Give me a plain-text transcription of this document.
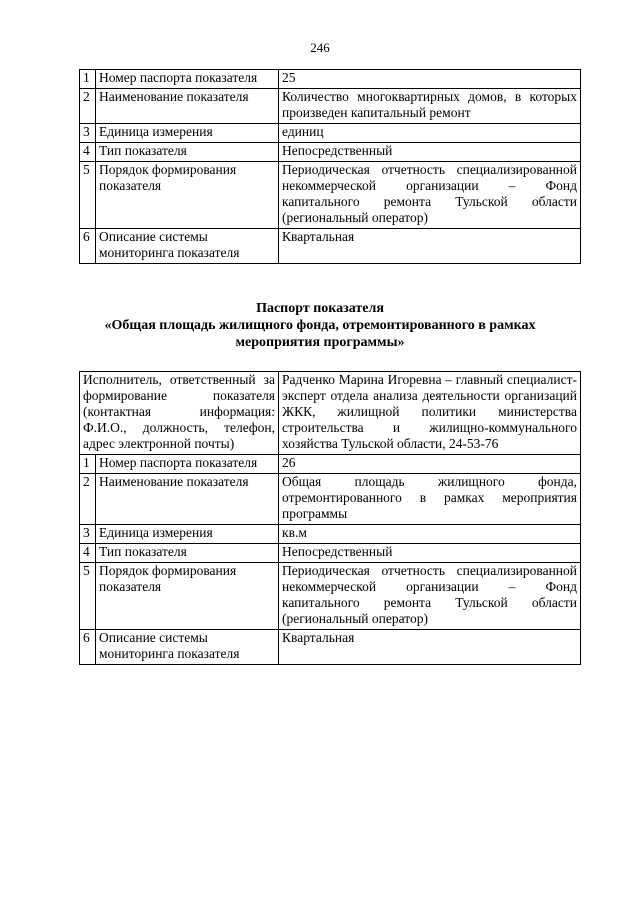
246
1	Номер паспорта показателя	25
2	Наименование показателя	Количество многоквартирных домов, в которых произведен капитальный ремонт
3	Единица измерения	единиц
4	Тип показателя	Непосредственный
5	Порядок формирования показателя	Периодическая отчетность специализированной некоммерческой организации – Фонд капитального ремонта Тульской области (региональный оператор)
6	Описание системы мониторинга показателя	Квартальная
Паспорт показателя
«Общая площадь жилищного фонда, отремонтированного в рамках
мероприятия программы»
Исполнитель, ответственный за формирование показателя (контактная информация: Ф.И.О., должность, телефон, адрес электронной почты)		Радченко Марина Игоревна – главный специалист-эксперт отдела анализа деятельности организаций ЖКК, жилищной политики министерства строительства и жилищно-коммунального хозяйства Тульской области, 24-53-76
1	Номер паспорта показателя	26
2	Наименование показателя	Общая площадь жилищного фонда, отремонтированного в рамках мероприятия программы
3	Единица измерения	кв.м
4	Тип показателя	Непосредственный
5	Порядок формирования показателя	Периодическая отчетность специализированной некоммерческой организации – Фонд капитального ремонта Тульской области (региональный оператор)
6	Описание системы мониторинга показателя	Квартальная
